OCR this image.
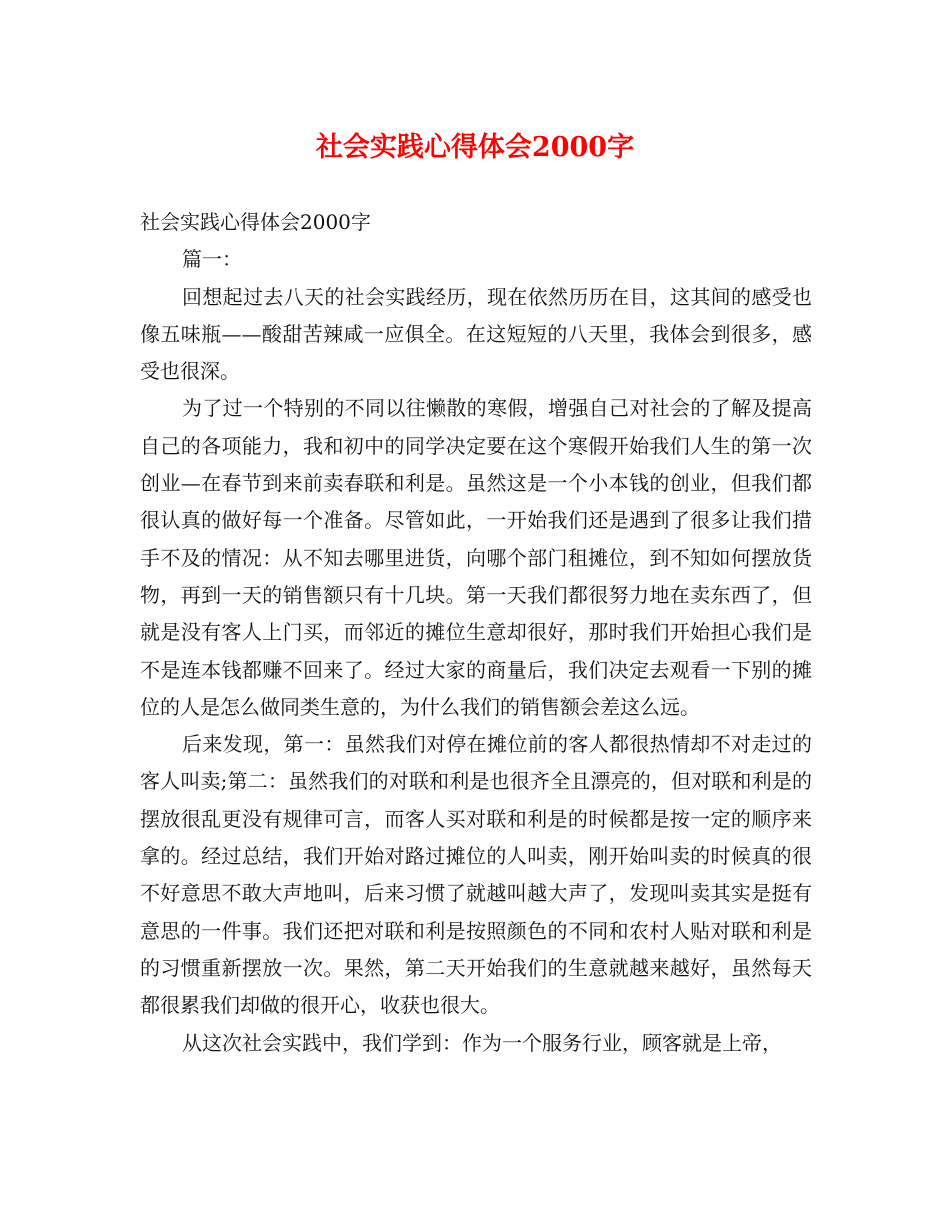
社会实践心得体会2000字

社会实践心得体会2000字

篇一：

回想起过去八天的社会实践经历，现在依然历历在目，这其间的感受也像五味瓶——酸甜苦辣咸一应俱全。在这短短的八天里，我体会到很多，感受也很深。

为了过一个特别的不同以往懒散的寒假，增强自己对社会的了解及提高自己的各项能力，我和初中的同学决定要在这个寒假开始我们人生的第一次创业—在春节到来前卖春联和利是。虽然这是一个小本钱的创业，但我们都很认真的做好每一个准备。尽管如此，一开始我们还是遇到了很多让我们措手不及的情况：从不知去哪里进货，向哪个部门租摊位，到不知如何摆放货物，再到一天的销售额只有十几块。第一天我们都很努力地在卖东西了，但就是没有客人上门买，而邻近的摊位生意却很好，那时我们开始担心我们是不是连本钱都赚不回来了。经过大家的商量后，我们决定去观看一下别的摊位的人是怎么做同类生意的，为什么我们的销售额会差这么远。

后来发现，第一：虽然我们对停在摊位前的客人都很热情却不对走过的客人叫卖;第二：虽然我们的对联和利是也很齐全且漂亮的，但对联和利是的摆放很乱更没有规律可言，而客人买对联和利是的时候都是按一定的顺序来拿的。经过总结，我们开始对路过摊位的人叫卖，刚开始叫卖的时候真的很不好意思不敢大声地叫，后来习惯了就越叫越大声了，发现叫卖其实是挺有意思的一件事。我们还把对联和利是按照颜色的不同和农村人贴对联和利是的习惯重新摆放一次。果然，第二天开始我们的生意就越来越好，虽然每天都很累我们却做的很开心，收获也很大。

从这次社会实践中，我们学到：作为一个服务行业，顾客就是上帝，
